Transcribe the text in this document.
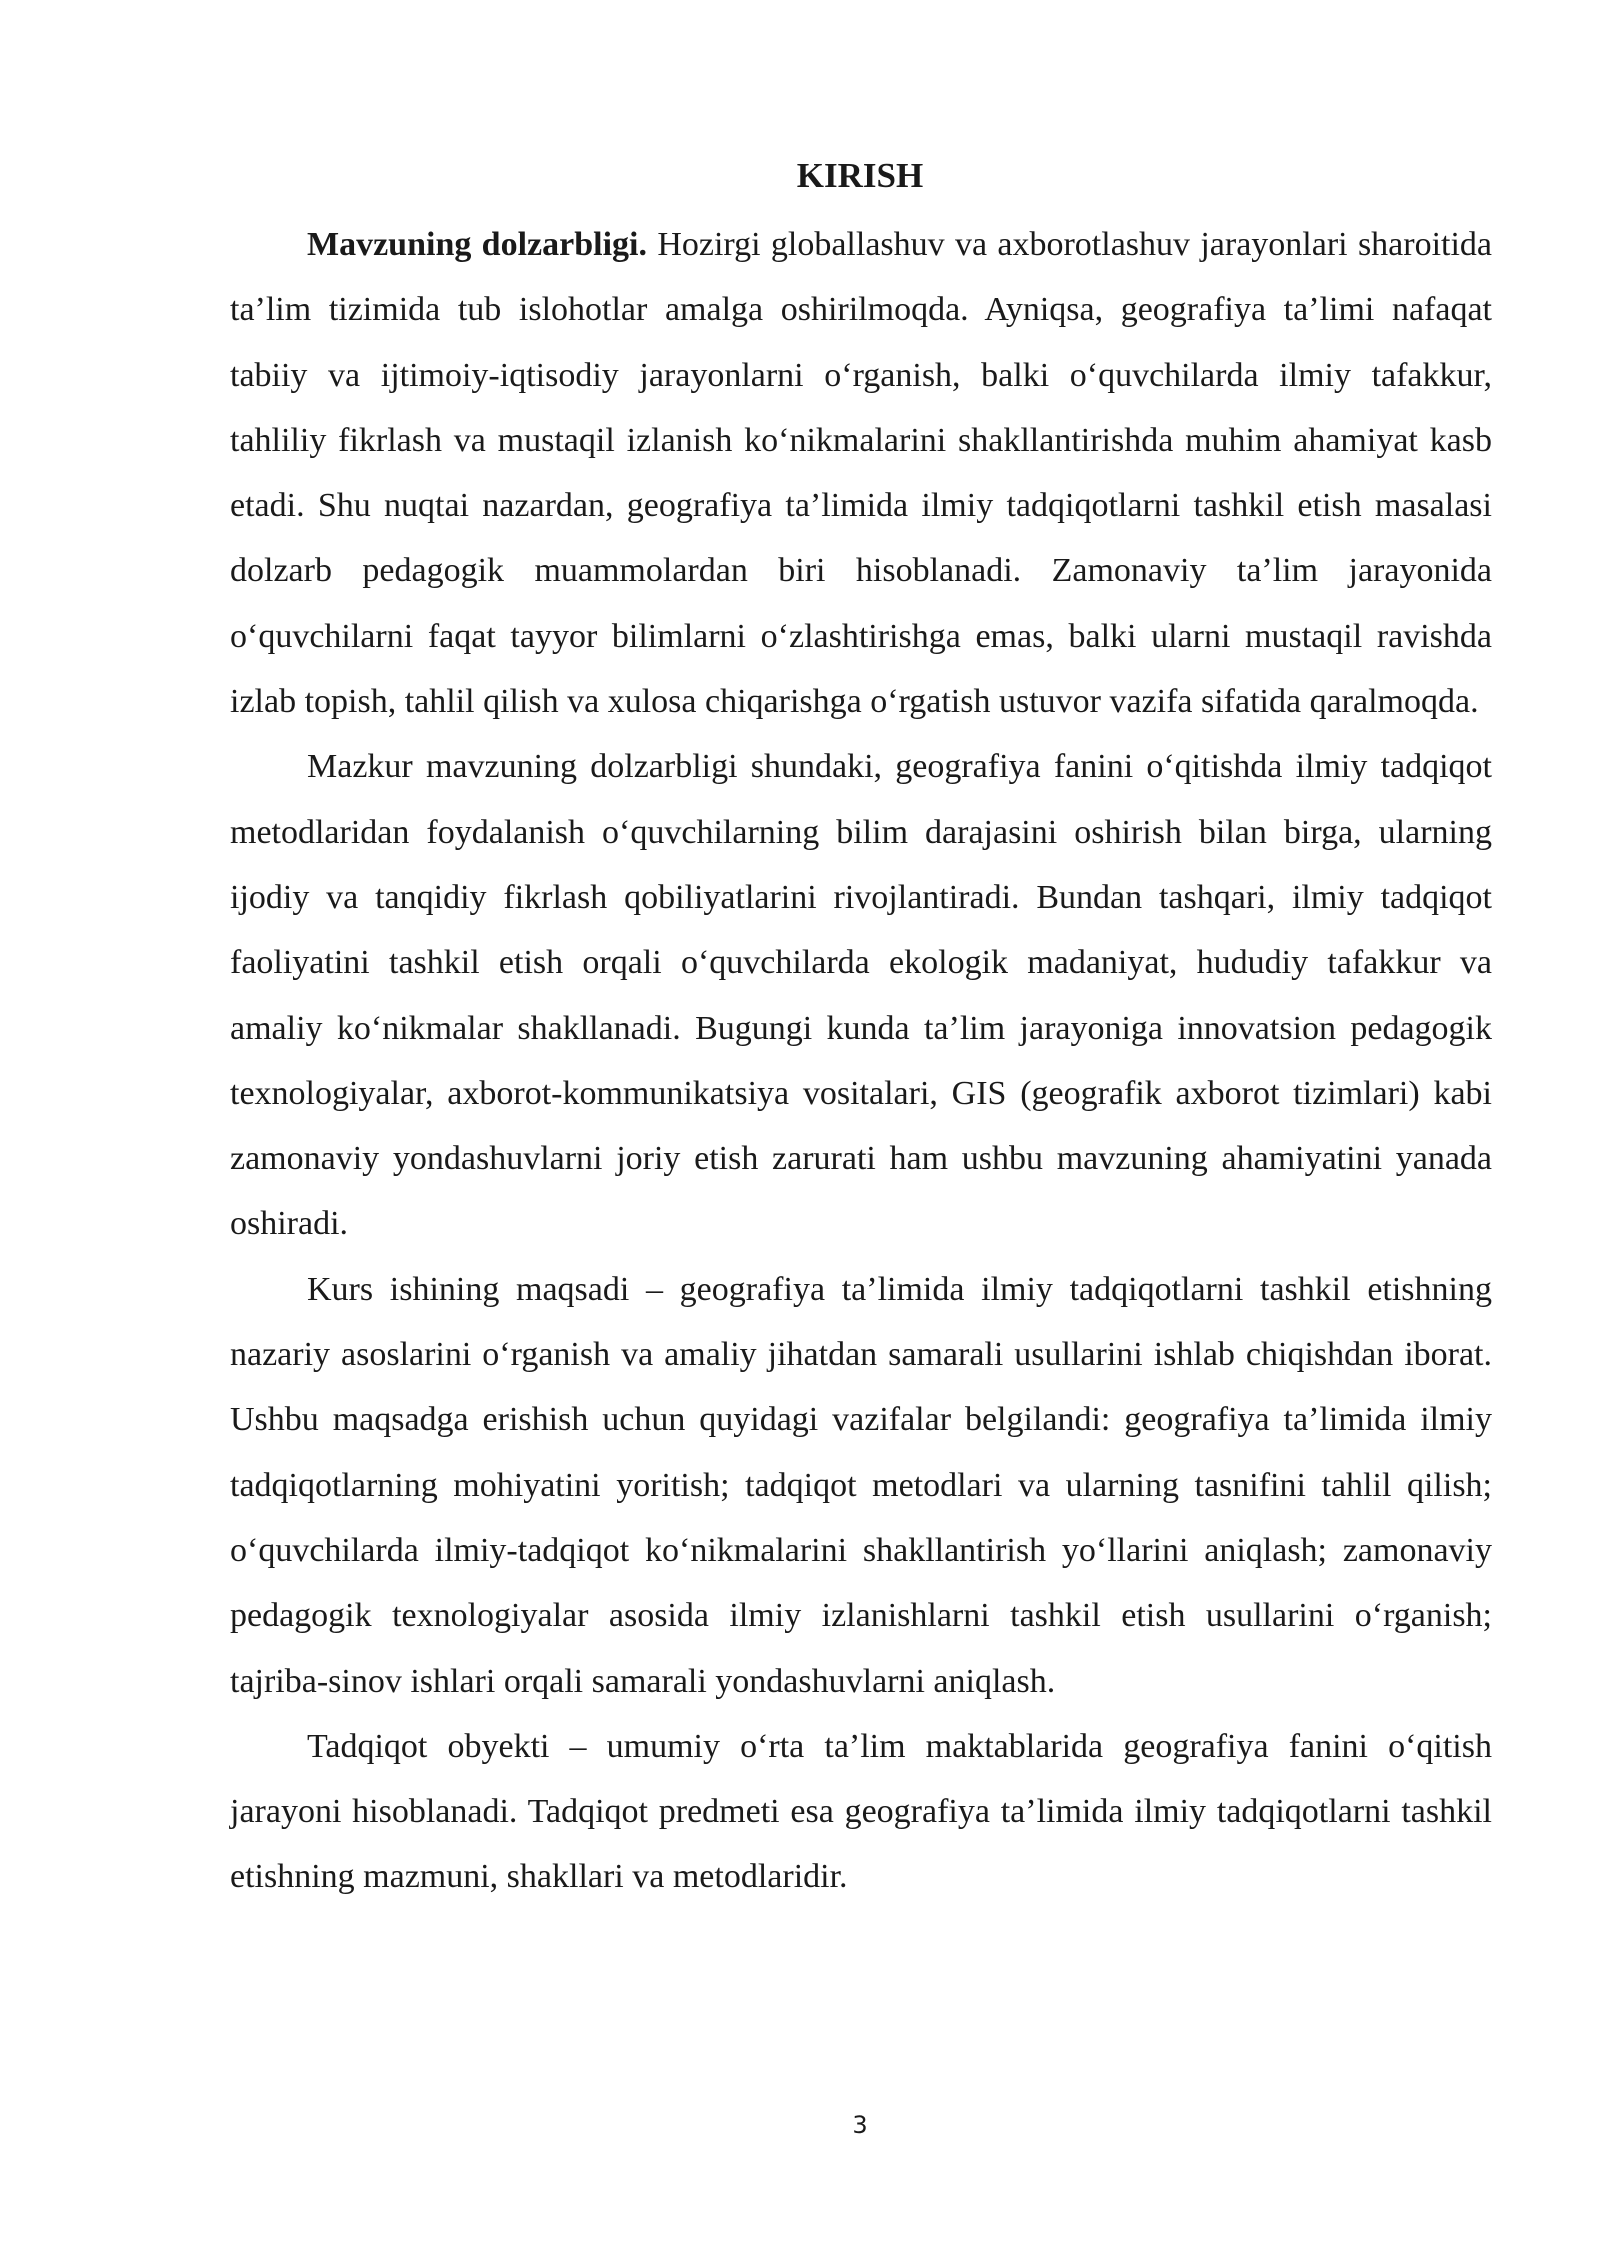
KIRISH

Mavzuning dolzarbligi. Hozirgi globallashuv va axborotlashuv jarayonlari sharoitida ta’lim tizimida tub islohotlar amalga oshirilmoqda. Ayniqsa, geografiya ta’limi nafaqat tabiiy va ijtimoiy-iqtisodiy jarayonlarni o‘rganish, balki o‘quvchilarda ilmiy tafakkur, tahliliy fikrlash va mustaqil izlanish ko‘nikmalarini shakllantirishda muhim ahamiyat kasb etadi. Shu nuqtai nazardan, geografiya ta’limida ilmiy tadqiqotlarni tashkil etish masalasi dolzarb pedagogik muammolardan biri hisoblanadi. Zamonaviy ta’lim jarayonida o‘quvchilarni faqat tayyor bilimlarni o‘zlashtirishga emas, balki ularni mustaqil ravishda izlab topish, tahlil qilish va xulosa chiqarishga o‘rgatish ustuvor vazifa sifatida qaralmoqda.

Mazkur mavzuning dolzarbligi shundaki, geografiya fanini o‘qitishda ilmiy tadqiqot metodlaridan foydalanish o‘quvchilarning bilim darajasini oshirish bilan birga, ularning ijodiy va tanqidiy fikrlash qobiliyatlarini rivojlantiradi. Bundan tashqari, ilmiy tadqiqot faoliyatini tashkil etish orqali o‘quvchilarda ekologik madaniyat, hududiy tafakkur va amaliy ko‘nikmalar shakllanadi. Bugungi kunda ta’lim jarayoniga innovatsion pedagogik texnologiyalar, axborot-kommunikatsiya vositalari, GIS (geografik axborot tizimlari) kabi zamonaviy yondashuvlarni joriy etish zarurati ham ushbu mavzuning ahamiyatini yanada oshiradi.

Kurs ishining maqsadi – geografiya ta’limida ilmiy tadqiqotlarni tashkil etishning nazariy asoslarini o‘rganish va amaliy jihatdan samarali usullarini ishlab chiqishdan iborat. Ushbu maqsadga erishish uchun quyidagi vazifalar belgilandi: geografiya ta’limida ilmiy tadqiqotlarning mohiyatini yoritish; tadqiqot metodlari va ularning tasnifini tahlil qilish; o‘quvchilarda ilmiy-tadqiqot ko‘nikmalarini shakllantirish yo‘llarini aniqlash; zamonaviy pedagogik texnologiyalar asosida ilmiy izlanishlarni tashkil etish usullarini o‘rganish; tajriba-sinov ishlari orqali samarali yondashuvlarni aniqlash.

Tadqiqot obyekti – umumiy o‘rta ta’lim maktablarida geografiya fanini o‘qitish jarayoni hisoblanadi. Tadqiqot predmeti esa geografiya ta’limida ilmiy tadqiqotlarni tashkil etishning mazmuni, shakllari va metodlaridir.

3
